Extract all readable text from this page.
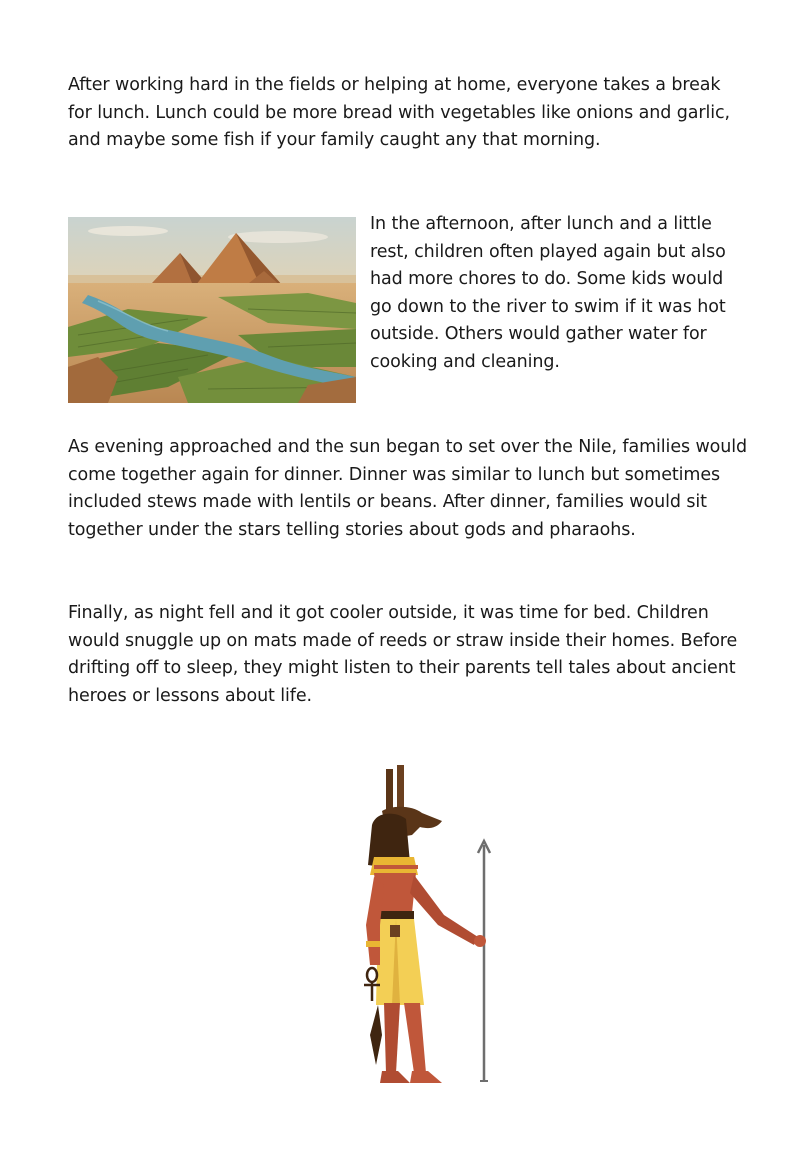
After working hard in the fields or helping at home, everyone takes a break for lunch. Lunch could be more bread with vegetables like onions and garlic, and maybe some fish if your family caught any that morning.

In the afternoon, after lunch and a little rest, children often played again but also had more chores to do. Some kids would go down to the river to swim if it was hot outside. Others would gather water for cooking and cleaning.

As evening approached and the sun began to set over the Nile, families would come together again for dinner. Dinner was similar to lunch but sometimes included stews made with lentils or beans. After dinner, families would sit together under the stars telling stories about gods and pharaohs.

Finally, as night fell and it got cooler outside, it was time for bed. Children would snuggle up on mats made of reeds or straw inside their homes. Before drifting off to sleep, they might listen to their parents tell tales about ancient heroes or lessons about life.
